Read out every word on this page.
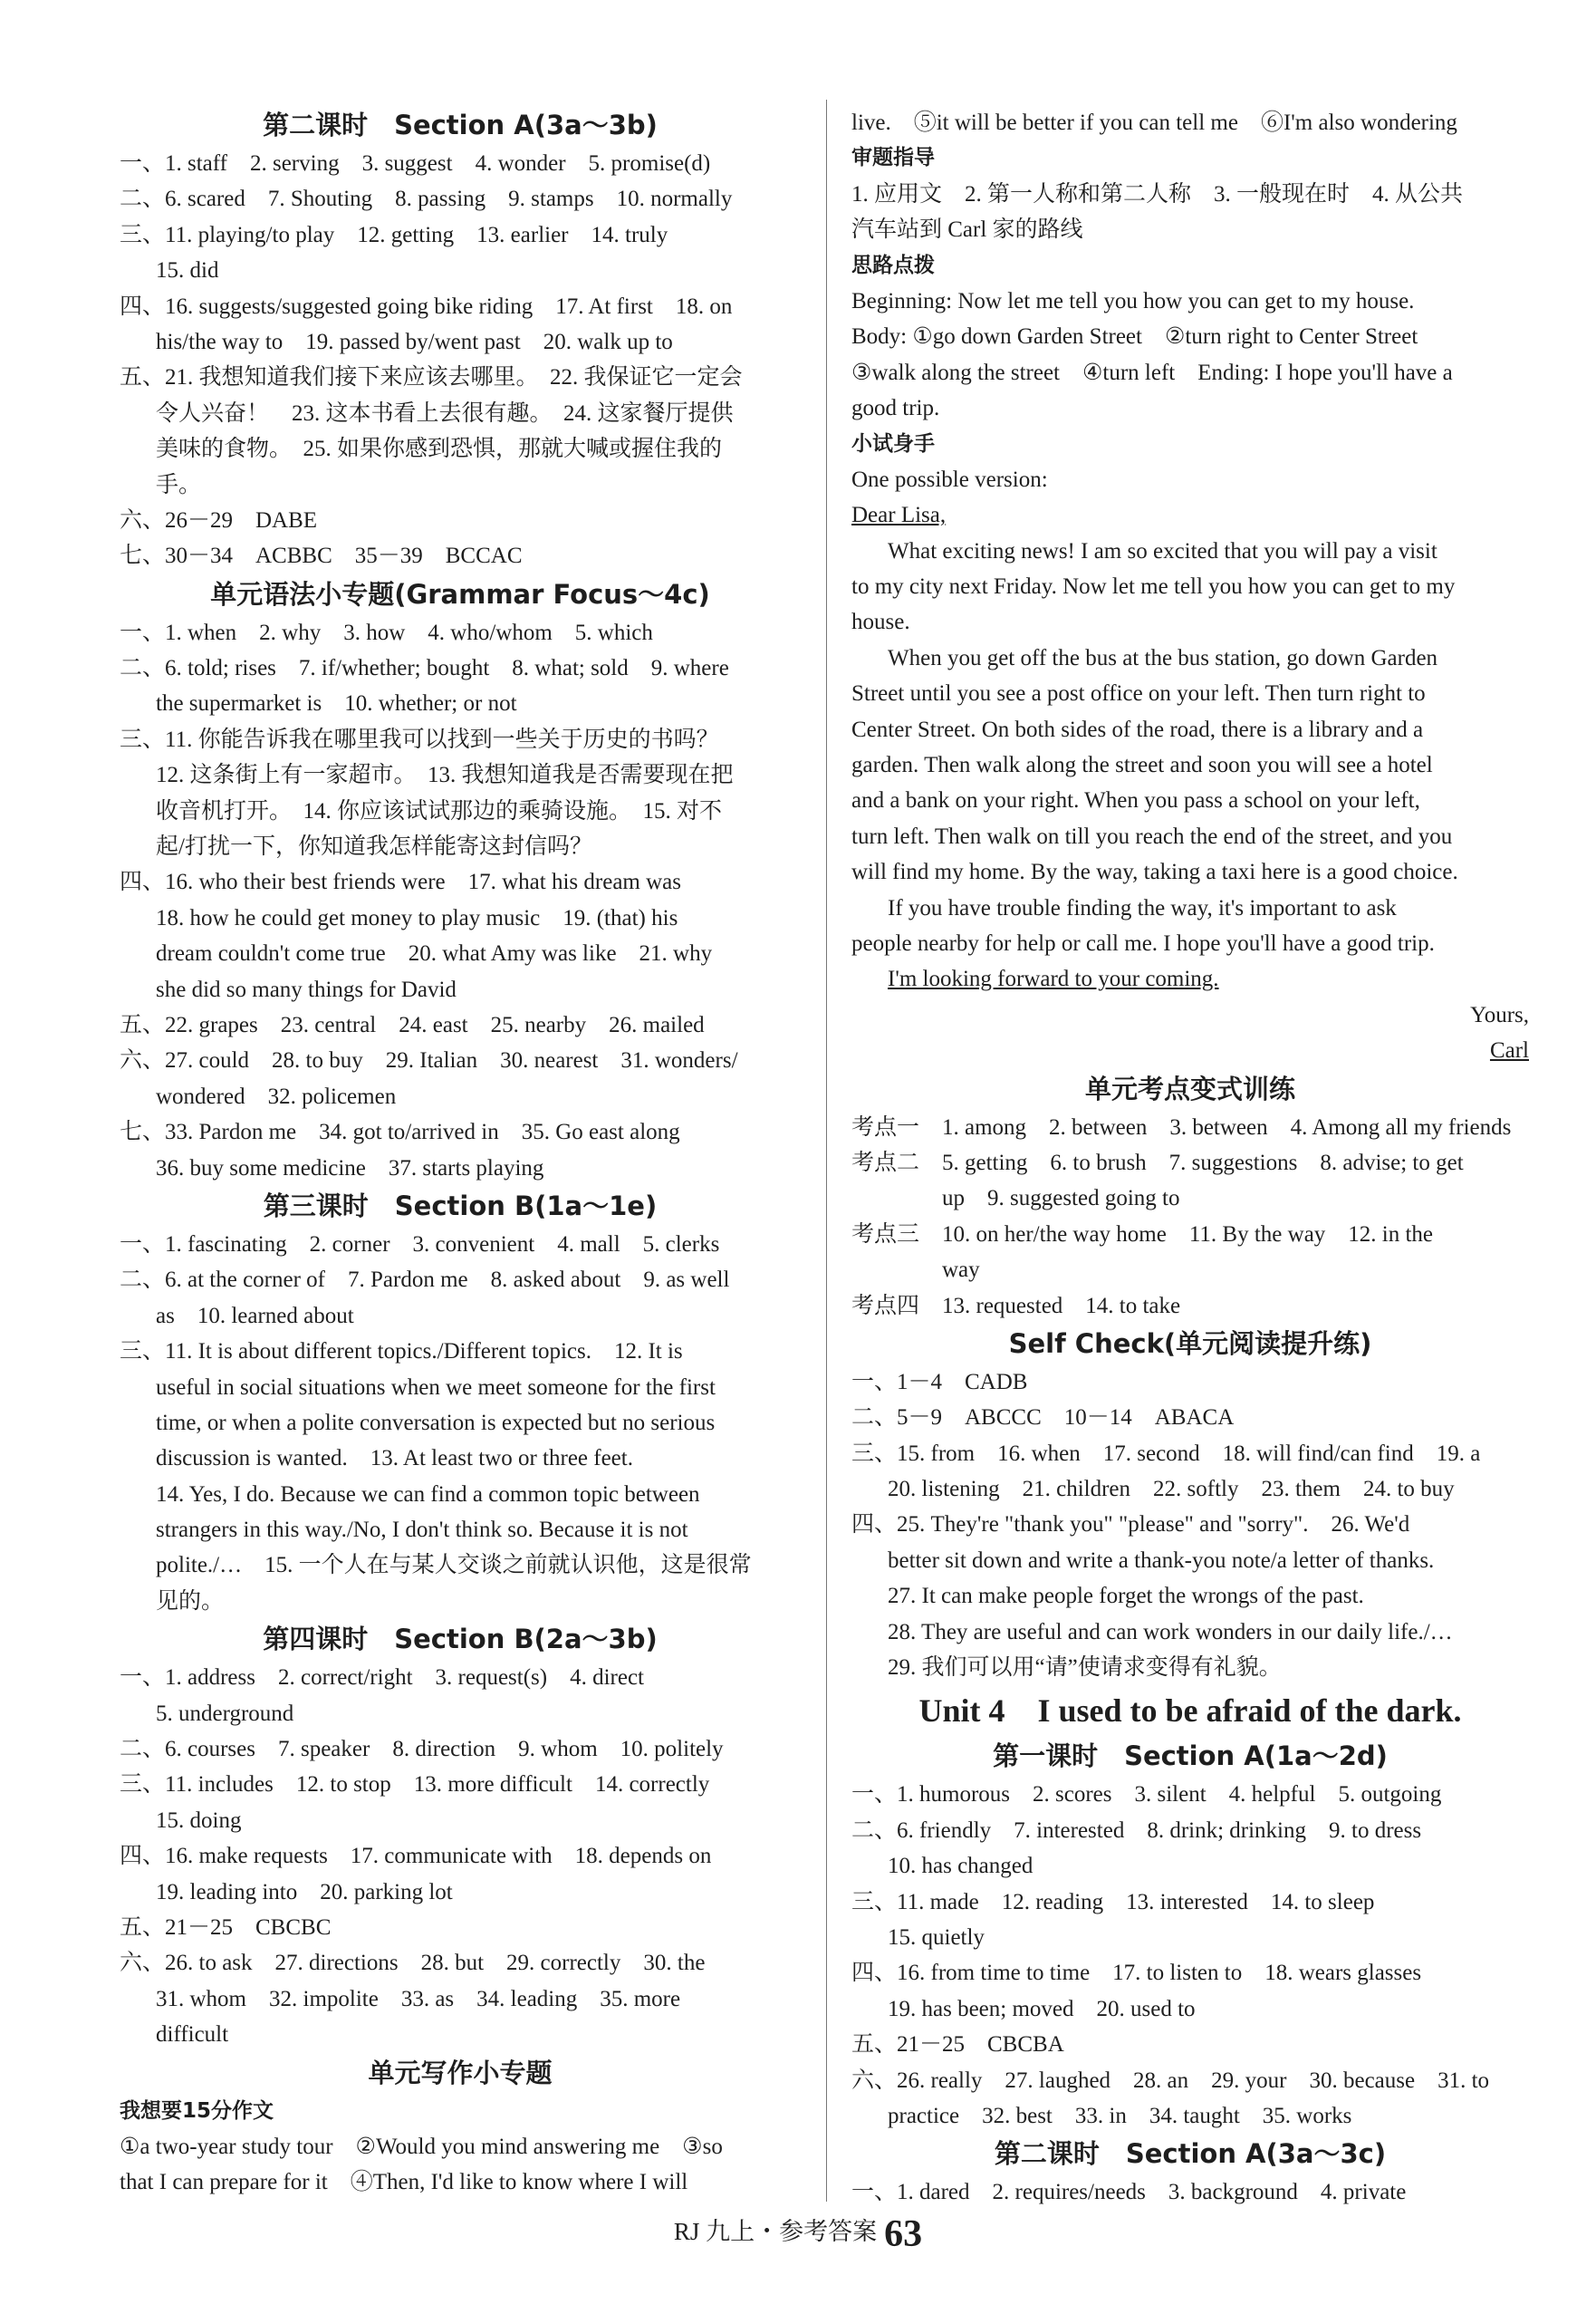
第二课时　Section A(3a～3b)
一、1. staff　2. serving　3. suggest　4. wonder　5. promise(d)
二、6. scared　7. Shouting　8. passing　9. stamps　10. normally
三、11. playing/to play　12. getting　13. earlier　14. truly
15. did
四、16. suggests/suggested going bike riding　17. At first　18. on
his/the way to　19. passed by/went past　20. walk up to
五、21. 我想知道我们接下来应该去哪里。　22. 我保证它一定会
令人兴奋！　23. 这本书看上去很有趣。　24. 这家餐厅提供
美味的食物。　25. 如果你感到恐惧，那就大喊或握住我的
手。
六、26－29　DABE
七、30－34　ACBBC　35－39　BCCAC
单元语法小专题(Grammar Focus～4c)
一、1. when　2. why　3. how　4. who/whom　5. which
二、6. told; rises　7. if/whether; bought　8. what; sold　9. where
the supermarket is　10. whether; or not
三、11. 你能告诉我在哪里我可以找到一些关于历史的书吗？
12. 这条街上有一家超市。　13. 我想知道我是否需要现在把
收音机打开。　14. 你应该试试那边的乘骑设施。　15. 对不
起/打扰一下，你知道我怎样能寄这封信吗？
四、16. who their best friends were　17. what his dream was
18. how he could get money to play music　19. (that) his
dream couldn't come true　20. what Amy was like　21. why
she did so many things for David
五、22. grapes　23. central　24. east　25. nearby　26. mailed
六、27. could　28. to buy　29. Italian　30. nearest　31. wonders/
wondered　32. policemen
七、33. Pardon me　34. got to/arrived in　35. Go east along
36. buy some medicine　37. starts playing
第三课时　Section B(1a～1e)
一、1. fascinating　2. corner　3. convenient　4. mall　5. clerks
二、6. at the corner of　7. Pardon me　8. asked about　9. as well
as　10. learned about
三、11. It is about different topics./Different topics.　12. It is
useful in social situations when we meet someone for the first
time, or when a polite conversation is expected but no serious
discussion is wanted.　13. At least two or three feet.
14. Yes, I do. Because we can find a common topic between
strangers in this way./No, I don't think so. Because it is not
polite./…　15. 一个人在与某人交谈之前就认识他，这是很常
见的。
第四课时　Section B(2a～3b)
一、1. address　2. correct/right　3. request(s)　4. direct
5. underground
二、6. courses　7. speaker　8. direction　9. whom　10. politely
三、11. includes　12. to stop　13. more difficult　14. correctly
15. doing
四、16. make requests　17. communicate with　18. depends on
19. leading into　20. parking lot
五、21－25　CBCBC
六、26. to ask　27. directions　28. but　29. correctly　30. the
31. whom　32. impolite　33. as　34. leading　35. more
difficult
单元写作小专题
我想要15分作文
①a two-year study tour　②Would you mind answering me　③so
that I can prepare for it　④Then, I'd like to know where I will
live.　⑤it will be better if you can tell me　⑥I'm also wondering
审题指导
1. 应用文　2. 第一人称和第二人称　3. 一般现在时　4. 从公共
汽车站到 Carl 家的路线
思路点拨
Beginning: Now let me tell you how you can get to my house.
Body: ①go down Garden Street　②turn right to Center Street
③walk along the street　④turn left　Ending: I hope you'll have a
good trip.
小试身手
One possible version:
Dear Lisa,
What exciting news! I am so excited that you will pay a visit
to my city next Friday. Now let me tell you how you can get to my
house.
When you get off the bus at the bus station, go down Garden
Street until you see a post office on your left. Then turn right to
Center Street. On both sides of the road, there is a library and a
garden. Then walk along the street and soon you will see a hotel
and a bank on your right. When you pass a school on your left,
turn left. Then walk on till you reach the end of the street, and you
will find my home. By the way, taking a taxi here is a good choice.
If you have trouble finding the way, it's important to ask
people nearby for help or call me. I hope you'll have a good trip.
I'm looking forward to your coming.
Yours,
Carl
单元考点变式训练
考点一　1. among　2. between　3. between　4. Among all my friends
考点二　5. getting　6. to brush　7. suggestions　8. advise; to get
　　　　up　9. suggested going to
考点三　10. on her/the way home　11. By the way　12. in the
　　　　way
考点四　13. requested　14. to take
Self Check(单元阅读提升练)
一、1－4　CADB
二、5－9　ABCCC　10－14　ABACA
三、15. from　16. when　17. second　18. will find/can find　19. a
20. listening　21. children　22. softly　23. them　24. to buy
四、25. They're "thank you" "please" and "sorry".　26. We'd
better sit down and write a thank-you note/a letter of thanks.
27. It can make people forget the wrongs of the past.
28. They are useful and can work wonders in our daily life./…
29. 我们可以用“请”使请求变得有礼貌。
Unit 4　I used to be afraid of the dark.
第一课时　Section A(1a～2d)
一、1. humorous　2. scores　3. silent　4. helpful　5. outgoing
二、6. friendly　7. interested　8. drink; drinking　9. to dress
10. has changed
三、11. made　12. reading　13. interested　14. to sleep
15. quietly
四、16. from time to time　17. to listen to　18. wears glasses
19. has been; moved　20. used to
五、21－25　CBCBA
六、26. really　27. laughed　28. an　29. your　30. because　31. to
practice　32. best　33. in　34. taught　35. works
第二课时　Section A(3a～3c)
一、1. dared　2. requires/needs　3. background　4. private
RJ 九上・参考答案 63
